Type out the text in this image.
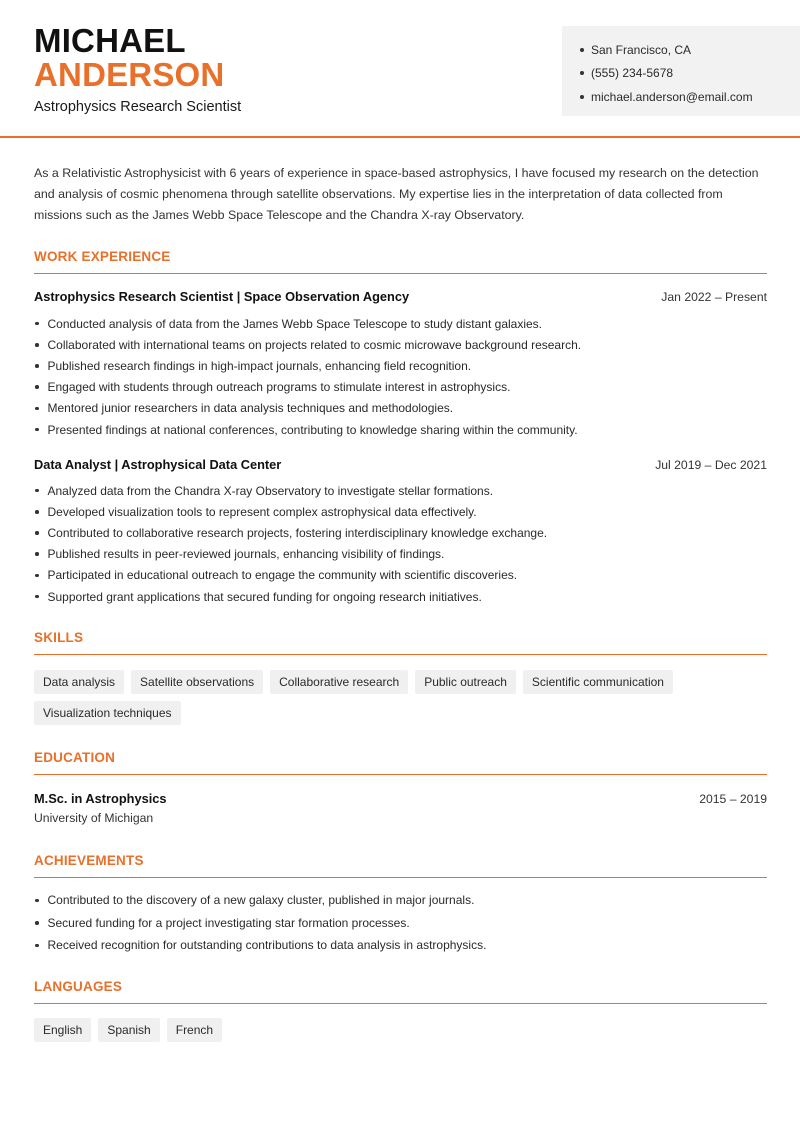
MICHAEL
ANDERSON
Astrophysics Research Scientist
San Francisco, CA
(555) 234-5678
michael.anderson@email.com

As a Relativistic Astrophysicist with 6 years of experience in space-based astrophysics, I have focused my research on the detection and analysis of cosmic phenomena through satellite observations. My expertise lies in the interpretation of data collected from missions such as the James Webb Space Telescope and the Chandra X-ray Observatory.

WORK EXPERIENCE
Astrophysics Research Scientist | Space Observation Agency	Jan 2022 – Present
Conducted analysis of data from the James Webb Space Telescope to study distant galaxies.
Collaborated with international teams on projects related to cosmic microwave background research.
Published research findings in high-impact journals, enhancing field recognition.
Engaged with students through outreach programs to stimulate interest in astrophysics.
Mentored junior researchers in data analysis techniques and methodologies.
Presented findings at national conferences, contributing to knowledge sharing within the community.
Data Analyst | Astrophysical Data Center	Jul 2019 – Dec 2021
Analyzed data from the Chandra X-ray Observatory to investigate stellar formations.
Developed visualization tools to represent complex astrophysical data effectively.
Contributed to collaborative research projects, fostering interdisciplinary knowledge exchange.
Published results in peer-reviewed journals, enhancing visibility of findings.
Participated in educational outreach to engage the community with scientific discoveries.
Supported grant applications that secured funding for ongoing research initiatives.
SKILLS
Data analysis	Satellite observations	Collaborative research	Public outreach	Scientific communication
Visualization techniques
EDUCATION
M.Sc. in Astrophysics	2015 – 2019
University of Michigan
ACHIEVEMENTS
Contributed to the discovery of a new galaxy cluster, published in major journals.
Secured funding for a project investigating star formation processes.
Received recognition for outstanding contributions to data analysis in astrophysics.
LANGUAGES
English	Spanish	French
